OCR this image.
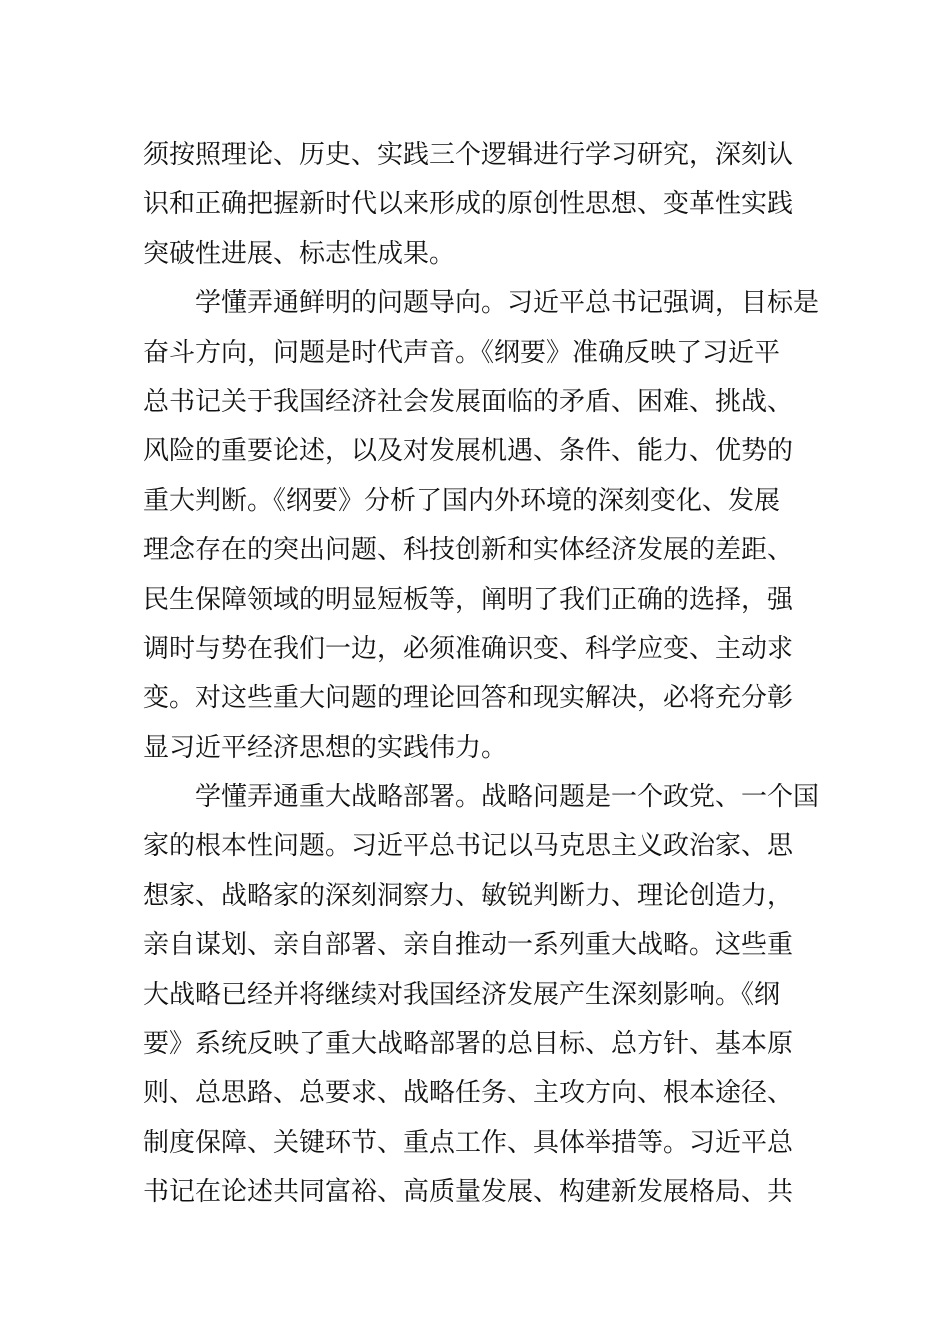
须按照理论、历史、实践三个逻辑进行学习研究，深刻认
识和正确把握新时代以来形成的原创性思想、变革性实践
突破性进展、标志性成果。
学懂弄通鲜明的问题导向。习近平总书记强调，目标是
奋斗方向，问题是时代声音。《纲要》准确反映了习近平
总书记关于我国经济社会发展面临的矛盾、困难、挑战、
风险的重要论述，以及对发展机遇、条件、能力、优势的
重大判断。《纲要》分析了国内外环境的深刻变化、发展
理念存在的突出问题、科技创新和实体经济发展的差距、
民生保障领域的明显短板等，阐明了我们正确的选择，强
调时与势在我们一边，必须准确识变、科学应变、主动求
变。对这些重大问题的理论回答和现实解决，必将充分彰
显习近平经济思想的实践伟力。
学懂弄通重大战略部署。战略问题是一个政党、一个国
家的根本性问题。习近平总书记以马克思主义政治家、思
想家、战略家的深刻洞察力、敏锐判断力、理论创造力，
亲自谋划、亲自部署、亲自推动一系列重大战略。这些重
大战略已经并将继续对我国经济发展产生深刻影响。《纲
要》系统反映了重大战略部署的总目标、总方针、基本原
则、总思路、总要求、战略任务、主攻方向、根本途径、
制度保障、关键环节、重点工作、具体举措等。习近平总
书记在论述共同富裕、高质量发展、构建新发展格局、共
